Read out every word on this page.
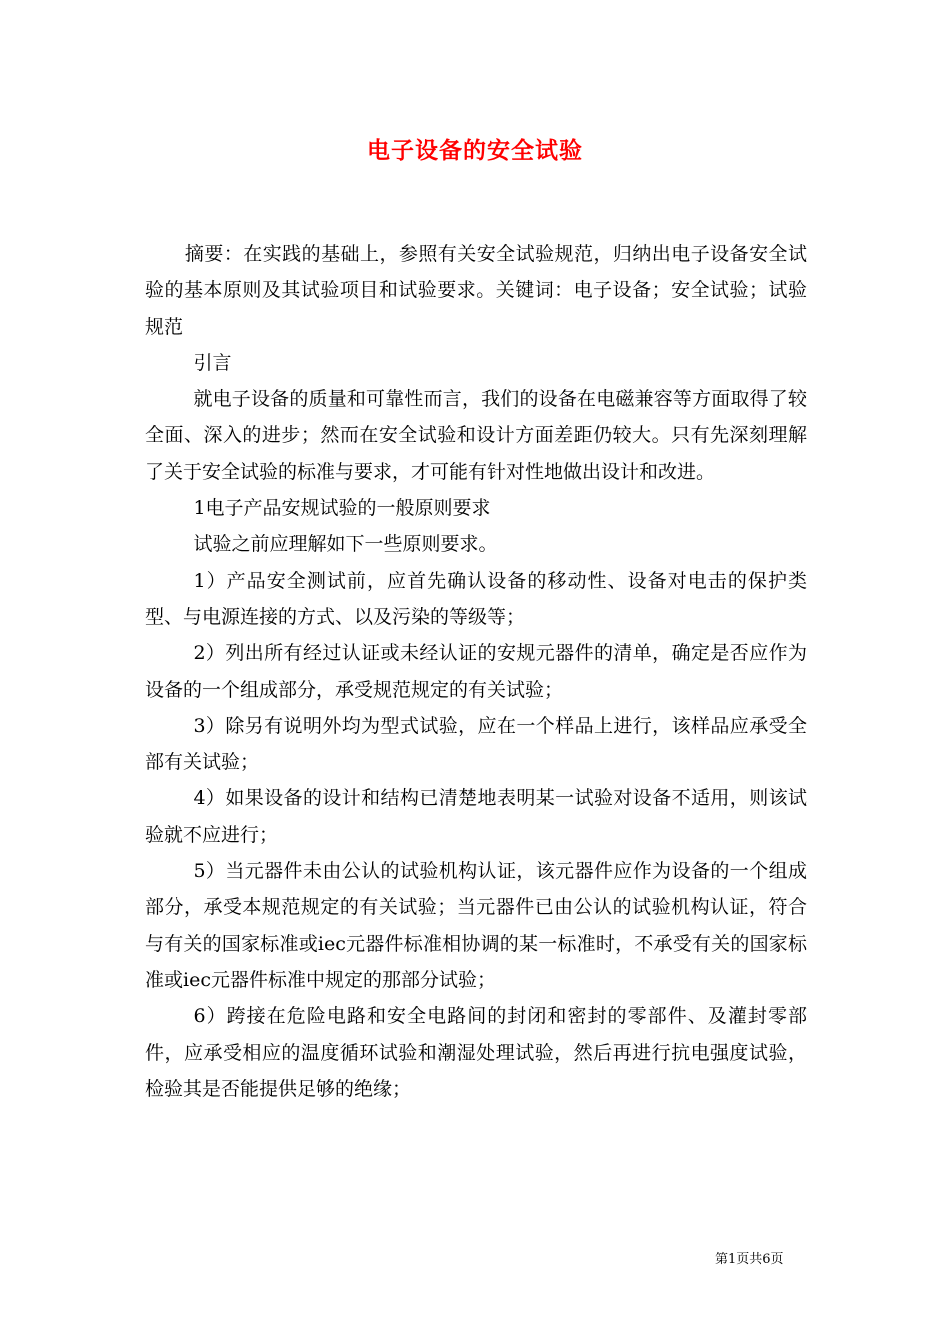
电子设备的安全试验

摘要：在实践的基础上，参照有关安全试验规范，归纳出电子设备安全试验的基本原则及其试验项目和试验要求。关键词：电子设备；安全试验；试验规范

引言

就电子设备的质量和可靠性而言，我们的设备在电磁兼容等方面取得了较全面、深入的进步；然而在安全试验和设计方面差距仍较大。只有先深刻理解了关于安全试验的标准与要求，才可能有针对性地做出设计和改进。

1电子产品安规试验的一般原则要求

试验之前应理解如下一些原则要求。

1）产品安全测试前，应首先确认设备的移动性、设备对电击的保护类型、与电源连接的方式、以及污染的等级等；

2）列出所有经过认证或未经认证的安规元器件的清单，确定是否应作为设备的一个组成部分，承受规范规定的有关试验；

3）除另有说明外均为型式试验，应在一个样品上进行，该样品应承受全部有关试验；

4）如果设备的设计和结构已清楚地表明某一试验对设备不适用，则该试验就不应进行；

5）当元器件未由公认的试验机构认证，该元器件应作为设备的一个组成部分，承受本规范规定的有关试验；当元器件已由公认的试验机构认证，符合与有关的国家标准或iec元器件标准相协调的某一标准时，不承受有关的国家标准或iec元器件标准中规定的那部分试验；

6）跨接在危险电路和安全电路间的封闭和密封的零部件、及灌封零部件，应承受相应的温度循环试验和潮湿处理试验，然后再进行抗电强度试验，检验其是否能提供足够的绝缘；

第1页共6页
